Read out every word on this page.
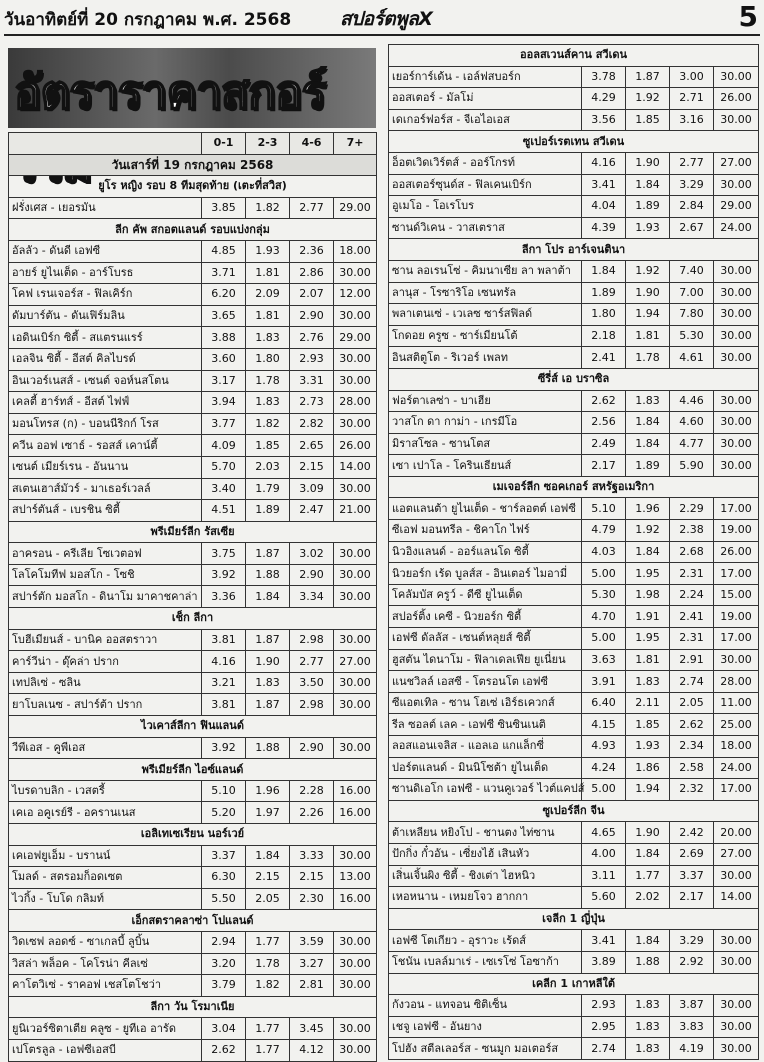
วันอาทิตย์ที่ 20 กรกฎาคม พ.ศ. 2568	สปอร์ตพูลX	5
อัตราราคาสกอร์
	0-1	2-3	4-6	7+
วันเสาร์ที่ 19 กรกฎาคม 2568				
ยูโร หญิง รอบ 8 ทีมสุดท้าย (เตะที่สวิส)				
ฝรั่งเศส - เยอรมัน	3.85	1.82	2.77	29.00
ลีก คัพ สกอตแลนด์ รอบแบ่งกลุ่ม				
อัลลัว - ดันดี เอฟซี	4.85	1.93	2.36	18.00
อายร์ ยูไนเต็ด - อาร์โบรธ	3.71	1.81	2.86	30.00
โคฟ เรนเจอร์ส - ฟิลเคิร์ก	6.20	2.09	2.07	12.00
ดัมบาร์ตัน - ดันเฟิร์มลิน	3.65	1.81	2.90	30.00
เอดินเบิร์ก ซิตี้ - สแตรนแรร์	3.88	1.83	2.76	29.00
เอลจิน ซิตี้ - อีสต์ คิลไบรด์	3.60	1.80	2.93	30.00
อินเวอร์เนสส์ - เซนต์ จอห์นสโตน	3.17	1.78	3.31	30.00
เคลตี้ ฮาร์ทส์ - อีสต์ ไฟฟ์	3.94	1.83	2.73	28.00
มอนโทรส (ก) - บอนนีริกก์ โรส	3.77	1.82	2.82	30.00
ควีน ออฟ เซาธ์ - รอสส์ เคาน์ตี้	4.09	1.85	2.65	26.00
เซนต์ เมียร์เรน - อันนาน	5.70	2.03	2.15	14.00
สเตนเฮาส์มัวร์ - มาเธอร์เวลล์	3.40	1.79	3.09	30.00
สปาร์ตันส์ - เบรชิน ซิตี้	4.51	1.89	2.47	21.00
พรีเมียร์ลีก รัสเซีย				
อาครอน - ครีเลีย โซเวตอฟ	3.75	1.87	3.02	30.00
โลโคโมทีฟ มอสโก - โซชิ	3.92	1.88	2.90	30.00
สปาร์ตัก มอสโก - ดินาโม มาคาชคาล่า	3.36	1.84	3.34	30.00
เช็ก ลีกา				
โบฮีเมียนส์ - บานิค ออสตราวา	3.81	1.87	2.98	30.00
คาร์วีน่า - ดุ๊คล่า ปราก	4.16	1.90	2.77	27.00
เทปลิเซ่ - ซลิน	3.21	1.83	3.50	30.00
ยาโบลเนซ - สปาร์ต้า ปราก	3.81	1.87	2.98	30.00
ไวเคาส์ลีกา ฟินแลนด์				
วีพีเอส - คูพีเอส	3.92	1.88	2.90	30.00
พรีเมียร์ลีก ไอซ์แลนด์				
ไบรดาบลิก - เวสตรี้	5.10	1.96	2.28	16.00
เคเอ อคูเรย์รี - อครานเนส	5.20	1.97	2.26	16.00
เอลิเทเซเรียน นอร์เวย์				
เคเอฟยูเอ็ม - บรานน์	3.37	1.84	3.33	30.00
โมลด์ - สตรอมก็อดเซต	6.30	2.15	2.15	13.00
ไวกิ้ง - โบโด กลิมท์	5.50	2.05	2.30	16.00
เอ็กสตราคลาซ่า โปแลนด์				
วิดเซฟ ลอดซ์ - ซาเกลบี้ ลูบิ้น	2.94	1.77	3.59	30.00
วิสล่า พล็อค - โคโรน่า คีลเซ่	3.20	1.78	3.27	30.00
คาโตวิเซ่ - ราคอฟ เชสโตโชว่า	3.79	1.82	2.81	30.00
ลีกา วัน โรมาเนีย				
ยูนิเวอร์ซิตาเตีย คลูซ - ยูทีเอ อารัด	3.04	1.77	3.45	30.00
เปโตรลูล - เอฟซีเอสบี	2.62	1.77	4.12	30.00
ออลสเวนส์คาน สวีเดน				
เยอร์การ์เด้น - เอล์ฟสบอร์ก	3.78	1.87	3.00	30.00
ออสเตอร์ - มัลโม่	4.29	1.92	2.71	26.00
เดเกอร์ฟอร์ส - จีเอไอเอส	3.56	1.85	3.16	30.00
ซูเปอร์เรตเทน สวีเดน				
อ็อตเวิดเวิร์ตส์ - ออร์โกรท์	4.16	1.90	2.77	27.00
ออสเตอร์ซุนด์ส - ฟิลเคนเบิร์ก	3.41	1.84	3.29	30.00
อูเมโอ - โอเรโบร	4.04	1.89	2.84	29.00
ซานด์วิเคน - วาสเตราส	4.39	1.93	2.67	24.00
ลีกา โปร อาร์เจนตินา				
ซาน ลอเรนโซ่ - คิมนาเซีย ลา พลาต้า	1.84	1.92	7.40	30.00
ลานุส - โรซาริโอ เซนทรัล	1.89	1.90	7.00	30.00
พลาเตนเซ่ - เวเลซ ซาร์สฟิลด์	1.80	1.94	7.80	30.00
โกดอย ครูซ - ซาร์เมียนโต้	2.18	1.81	5.30	30.00
อินสติตูโต - ริเวอร์ เพลท	2.41	1.78	4.61	30.00
ซีรี่ส์ เอ บราซิล				
ฟอร์ตาเลซ่า - บาเฮีย	2.62	1.83	4.46	30.00
วาสโก ดา กาม่า - เกรมีโอ	2.56	1.84	4.60	30.00
มิราสโซล - ซานโตส	2.49	1.84	4.77	30.00
เซา เปาโล - โครินเธียนส์	2.17	1.89	5.90	30.00
เมเจอร์ลีก ซอคเกอร์ สหรัฐอเมริกา				
แอตแลนต้า ยูไนเต็ด - ชาร์ลอตต์ เอฟซี	5.10	1.96	2.29	17.00
ซีเอฟ มอนทรีล - ชิคาโก ไฟร์	4.79	1.92	2.38	19.00
นิวอิงแลนด์ - ออร์แลนโด ซิตี้	4.03	1.84	2.68	26.00
นิวยอร์ก เร้ด บูลส์ส - อินเตอร์ ไมอามี่	5.00	1.95	2.31	17.00
โคลัมบัส ครูว์ - ดีซี ยูไนเต็ด	5.30	1.98	2.24	15.00
สปอร์ติ้ง เคซี - นิวยอร์ก ซิตี้	4.70	1.91	2.41	19.00
เอฟซี ดัลลัส - เซนต์หลุยส์ ซิตี้	5.00	1.95	2.31	17.00
ฮูสตัน ไดนาโม - ฟิลาเดลเฟีย ยูเนี่ยน	3.63	1.81	2.91	30.00
แนชวิลล์ เอสซี - โตรอนโต เอฟซี	3.91	1.83	2.74	28.00
ซีแอตเทิล - ซาน โฮเซ่ เอิร์ธเควกส์	6.40	2.11	2.05	11.00
รีล ซอลต์ เลค - เอฟซี ซินซินเนติ	4.15	1.85	2.62	25.00
ลอสแอนเจลิส - แอลเอ แกแล็กซี่	4.93	1.93	2.34	18.00
ปอร์ตแลนด์ - มินนิโซต้า ยูไนเต็ด	4.24	1.86	2.58	24.00
ซานดิเอโก เอฟซี - แวนคูเวอร์ ไวต์แคปส์	5.00	1.94	2.32	17.00
ซูเปอร์ลีก จีน				
ต้าเหลียน หยิงโป - ชานตง ไท่ซาน	4.65	1.90	2.42	20.00
ปักกิ่ง กั๋วอัน - เซี่ยงไฮ้ เสินหัว	4.00	1.84	2.69	27.00
เสิ่นเจิ้นผิง ซิตี้ - ชิงเต่า ไฮหนิว	3.11	1.77	3.37	30.00
เหอหนาน - เหมยโจว ฮากกา	5.60	2.02	2.17	14.00
เจลีก 1 ญี่ปุ่น				
เอฟซี โตเกียว - อุราวะ เร้ดส์	3.41	1.84	3.29	30.00
โชนัน เบลล์มาเร่ - เซเรโซ่ โอซาก้า	3.89	1.88	2.92	30.00
เคลีก 1 เกาหลีใต้				
กังวอน - แทจอน ซิติเซ็น	2.93	1.83	3.87	30.00
เชจู เอฟซี - อันยาง	2.95	1.83	3.83	30.00
โปฮัง สตีลเลอร์ส - ซนมูก มอเตอร์ส	2.74	1.83	4.19	30.00
